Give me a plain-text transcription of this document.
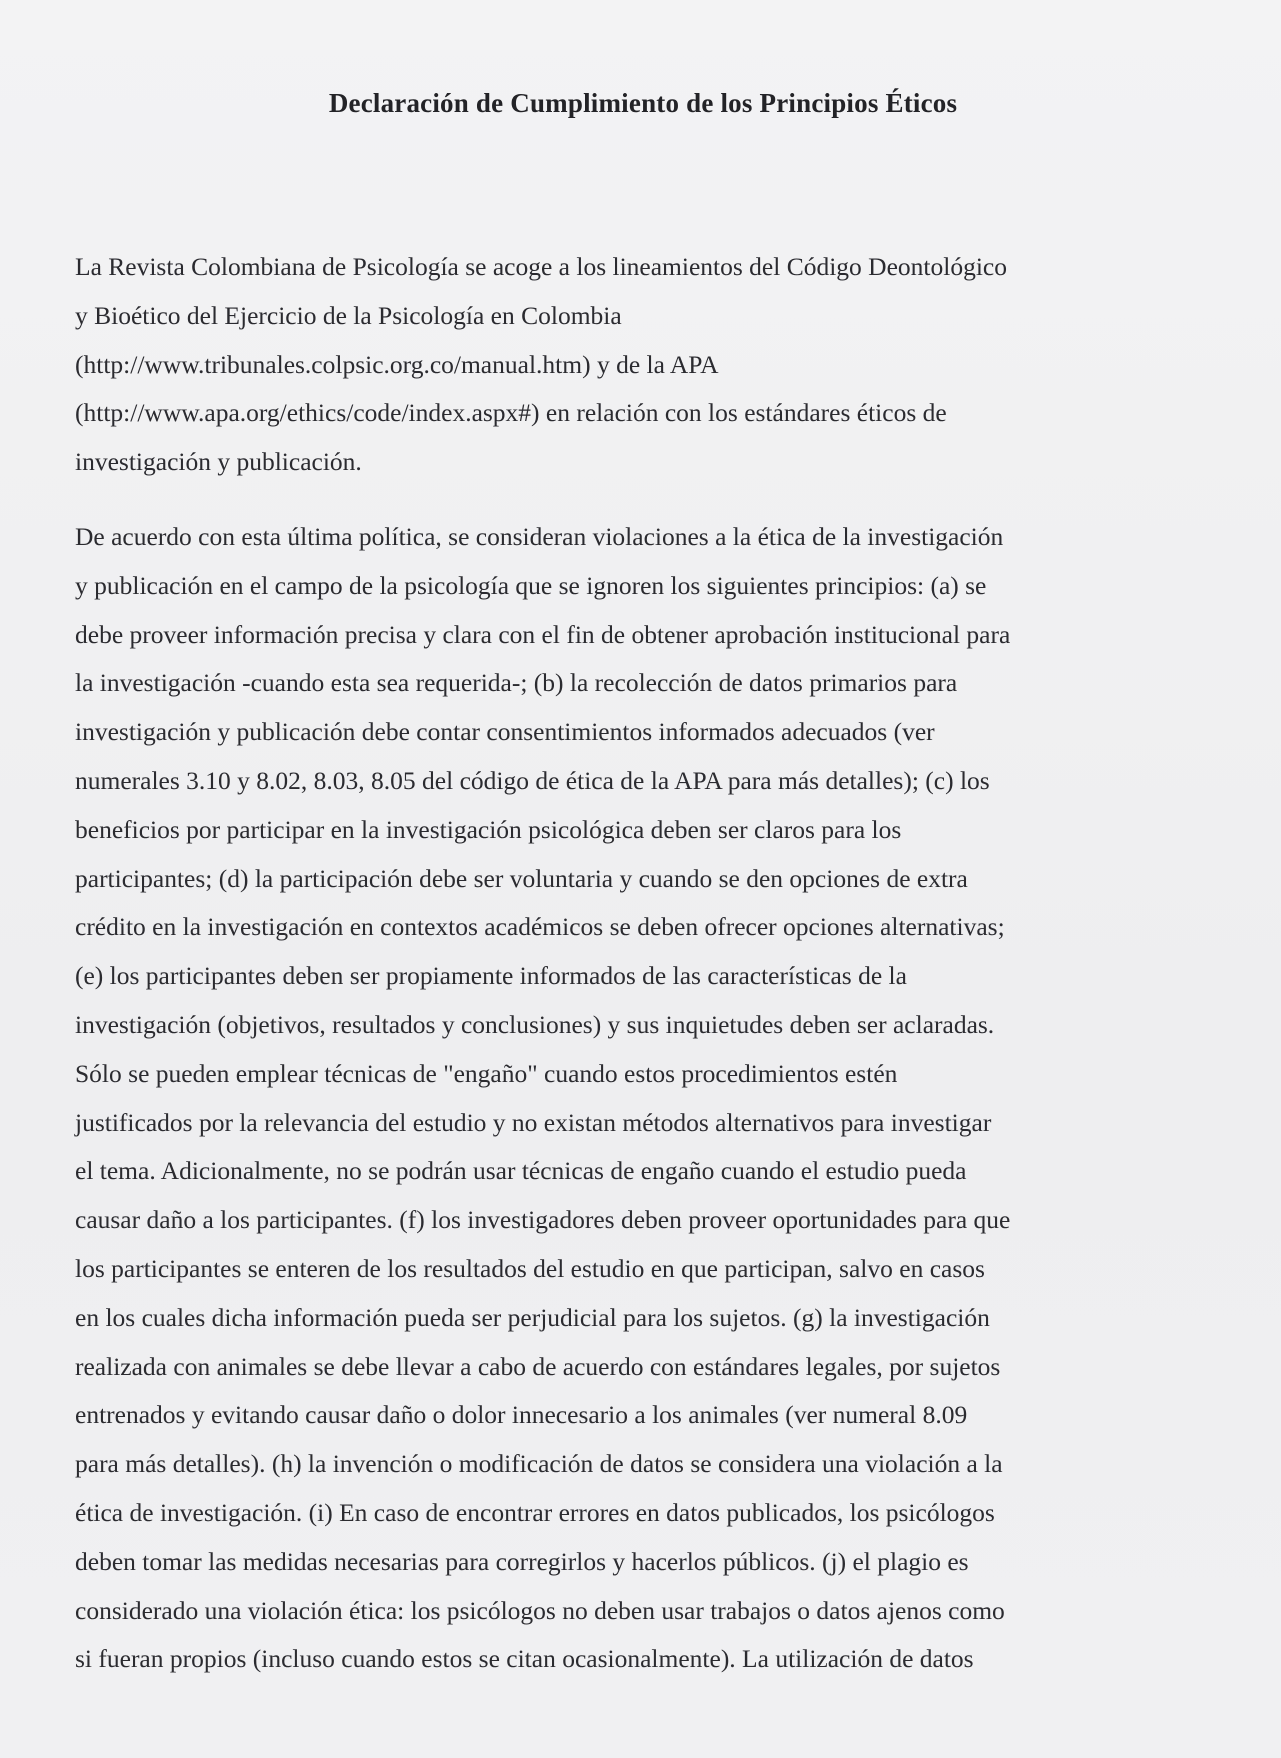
Declaración de Cumplimiento de los Principios Éticos

La Revista Colombiana de Psicología se acoge a los lineamientos del Código Deontológico
y Bioético del Ejercicio de la Psicología en Colombia
(http://www.tribunales.colpsic.org.co/manual.htm) y de la APA
(http://www.apa.org/ethics/code/index.aspx#) en relación con los estándares éticos de
investigación y publicación.

De acuerdo con esta última política, se consideran violaciones a la ética de la investigación
y publicación en el campo de la psicología que se ignoren los siguientes principios: (a) se
debe proveer información precisa y clara con el fin de obtener aprobación institucional para
la investigación -cuando esta sea requerida-; (b) la recolección de datos primarios para
investigación y publicación debe contar consentimientos informados adecuados (ver
numerales 3.10 y 8.02, 8.03, 8.05 del código de ética de la APA para más detalles); (c) los
beneficios por participar en la investigación psicológica deben ser claros para los
participantes; (d) la participación debe ser voluntaria y cuando se den opciones de extra
crédito en la investigación en contextos académicos se deben ofrecer opciones alternativas;
(e) los participantes deben ser propiamente informados de las características de la
investigación (objetivos, resultados y conclusiones) y sus inquietudes deben ser aclaradas.
Sólo se pueden emplear técnicas de "engaño" cuando estos procedimientos estén
justificados por la relevancia del estudio y no existan métodos alternativos para investigar
el tema. Adicionalmente, no se podrán usar técnicas de engaño cuando el estudio pueda
causar daño a los participantes. (f) los investigadores deben proveer oportunidades para que
los participantes se enteren de los resultados del estudio en que participan, salvo en casos
en los cuales dicha información pueda ser perjudicial para los sujetos. (g) la investigación
realizada con animales se debe llevar a cabo de acuerdo con estándares legales, por sujetos
entrenados y evitando causar daño o dolor innecesario a los animales (ver numeral 8.09
para más detalles). (h) la invención o modificación de datos se considera una violación a la
ética de investigación. (i) En caso de encontrar errores en datos publicados, los psicólogos
deben tomar las medidas necesarias para corregirlos y hacerlos públicos. (j) el plagio es
considerado una violación ética: los psicólogos no deben usar trabajos o datos ajenos como
si fueran propios (incluso cuando estos se citan ocasionalmente). La utilización de datos
